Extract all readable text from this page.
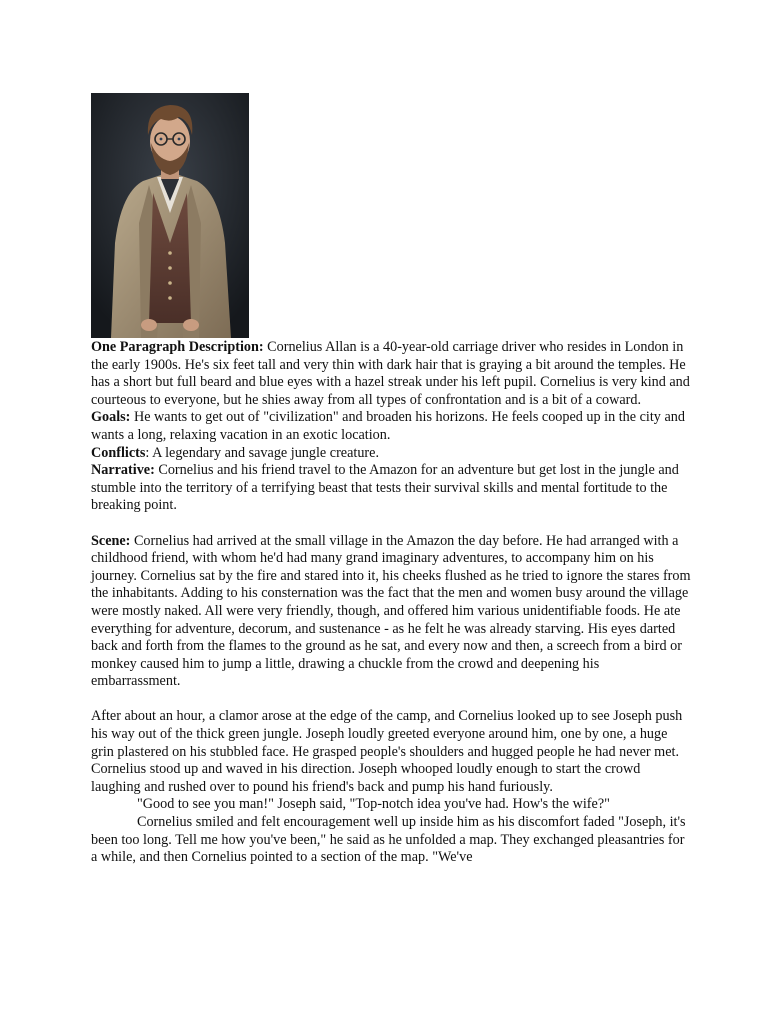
One Paragraph Description: Cornelius Allan is a 40-year-old carriage driver who resides in London in the early 1900s. He's six feet tall and very thin with dark hair that is graying a bit around the temples. He has a short but full beard and blue eyes with a hazel streak under his left pupil. Cornelius is very kind and courteous to everyone, but he shies away from all types of confrontation and is a bit of a coward.

Goals: He wants to get out of "civilization" and broaden his horizons. He feels cooped up in the city and wants a long, relaxing vacation in an exotic location.

Conflicts: A legendary and savage jungle creature.

Narrative: Cornelius and his friend travel to the Amazon for an adventure but get lost in the jungle and stumble into the territory of a terrifying beast that tests their survival skills and mental fortitude to the breaking point.

Scene: Cornelius had arrived at the small village in the Amazon the day before. He had arranged with a childhood friend, with whom he'd had many grand imaginary adventures, to accompany him on his journey. Cornelius sat by the fire and stared into it, his cheeks flushed as he tried to ignore the stares from the inhabitants. Adding to his consternation was the fact that the men and women busy around the village were mostly naked. All were very friendly, though, and offered him various unidentifiable foods. He ate everything for adventure, decorum, and sustenance - as he felt he was already starving. His eyes darted back and forth from the flames to the ground as he sat, and every now and then, a screech from a bird or monkey caused him to jump a little, drawing a chuckle from the crowd and deepening his embarrassment.

After about an hour, a clamor arose at the edge of the camp, and Cornelius looked up to see Joseph push his way out of the thick green jungle. Joseph loudly greeted everyone around him, one by one, a huge grin plastered on his stubbled face. He grasped people's shoulders and hugged people he had never met. Cornelius stood up and waved in his direction. Joseph whooped loudly enough to start the crowd laughing and rushed over to pound his friend's back and pump his hand furiously.

"Good to see you man!" Joseph said, "Top-notch idea you've had. How's the wife?"

Cornelius smiled and felt encouragement well up inside him as his discomfort faded "Joseph, it's been too long. Tell me how you've been," he said as he unfolded a map. They exchanged pleasantries for a while, and then Cornelius pointed to a section of the map. "We've
